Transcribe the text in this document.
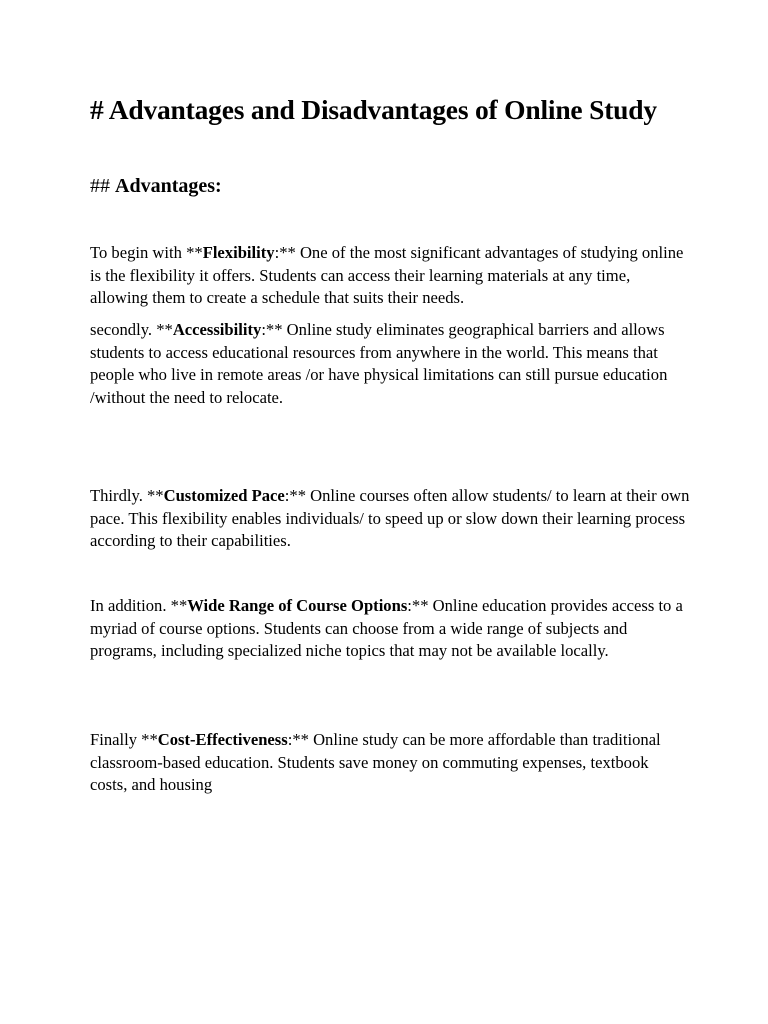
# Advantages and Disadvantages of Online Study
## Advantages:

To begin with **Flexibility:** One of the most significant advantages of studying online is the flexibility it offers. Students can access their learning materials at any time, allowing them to create a schedule that suits their needs.

secondly. **Accessibility:** Online study eliminates geographical barriers and allows students to access educational resources from anywhere in the world. This means that people who live in remote areas /or have physical limitations can still pursue education /without the need to relocate.

Thirdly. **Customized Pace:** Online courses often allow students/ to learn at their own pace. This flexibility enables individuals/ to speed up or slow down their learning process according to their capabilities.

In addition. **Wide Range of Course Options:** Online education provides access to a myriad of course options. Students can choose from a wide range of subjects and programs, including specialized niche topics that may not be available locally.

Finally **Cost-Effectiveness:** Online study can be more affordable than traditional classroom-based education. Students save money on commuting expenses, textbook costs, and housing
